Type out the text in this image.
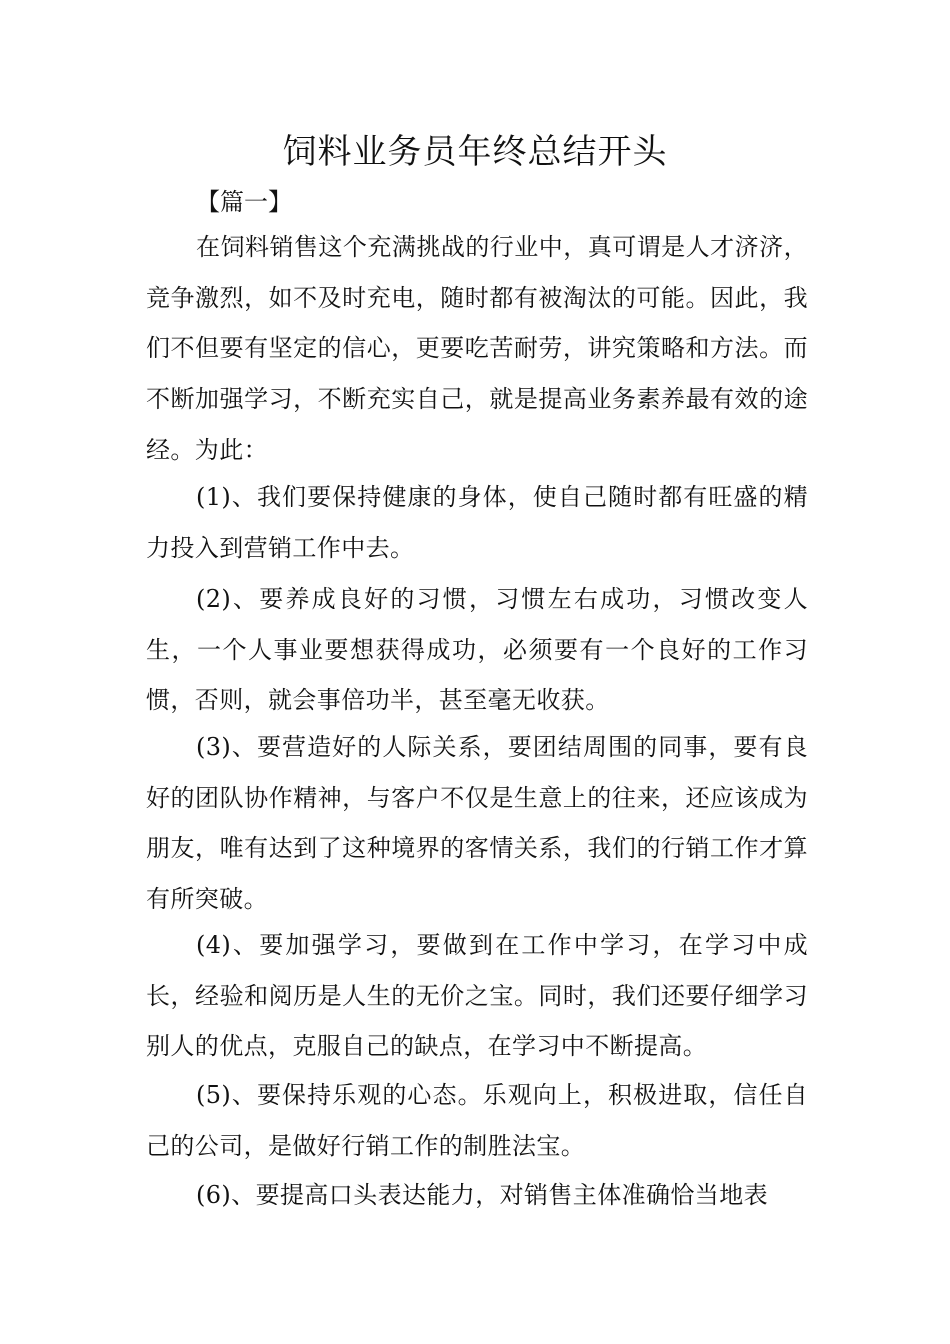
饲料业务员年终总结开头
【篇一】

在饲料销售这个充满挑战的行业中，真可谓是人才济济，竞争激烈，如不及时充电，随时都有被淘汰的可能。因此，我们不但要有坚定的信心，更要吃苦耐劳，讲究策略和方法。而不断加强学习，不断充实自己，就是提高业务素养最有效的途经。为此：

(1)、我们要保持健康的身体，使自己随时都有旺盛的精力投入到营销工作中去。

(2)、要养成良好的习惯，习惯左右成功，习惯改变人生，一个人事业要想获得成功，必须要有一个良好的工作习惯，否则，就会事倍功半，甚至毫无收获。

(3)、要营造好的人际关系，要团结周围的同事，要有良好的团队协作精神，与客户不仅是生意上的往来，还应该成为朋友，唯有达到了这种境界的客情关系，我们的行销工作才算有所突破。

(4)、要加强学习，要做到在工作中学习，在学习中成长，经验和阅历是人生的无价之宝。同时，我们还要仔细学习别人的优点，克服自己的缺点，在学习中不断提高。

(5)、要保持乐观的心态。乐观向上，积极进取，信任自己的公司，是做好行销工作的制胜法宝。

(6)、要提高口头表达能力，对销售主体准确恰当地表
